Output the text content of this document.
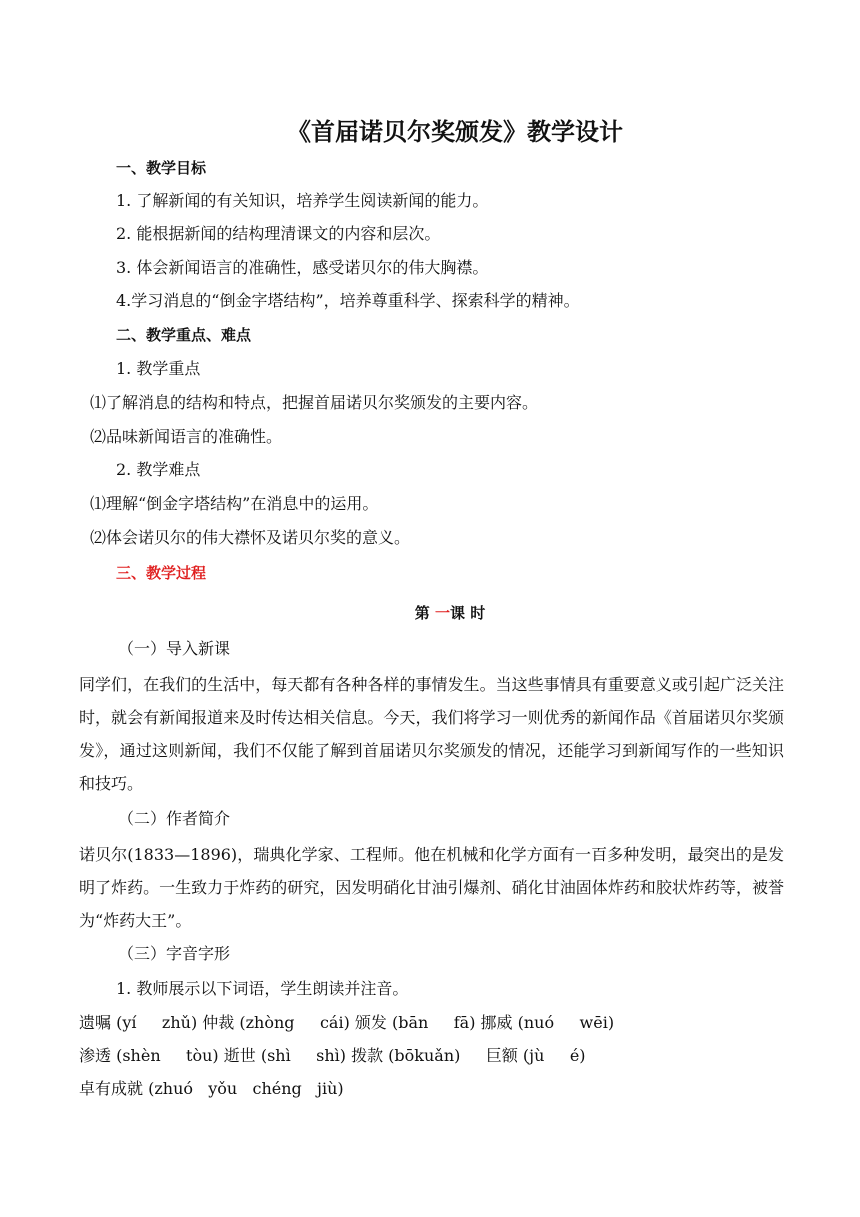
《首届诺贝尔奖颁发》教学设计
一、教学目标
1. 了解新闻的有关知识，培养学生阅读新闻的能力。
2. 能根据新闻的结构理清课文的内容和层次。
3. 体会新闻语言的准确性，感受诺贝尔的伟大胸襟。
4.学习消息的“倒金字塔结构”，培养尊重科学、探索科学的精神。
二、教学重点、难点
1. 教学重点
⑴了解消息的结构和特点，把握首届诺贝尔奖颁发的主要内容。
⑵品味新闻语言的准确性。
2. 教学难点
⑴理解“倒金字塔结构”在消息中的运用。
⑵体会诺贝尔的伟大襟怀及诺贝尔奖的意义。
三、教学过程
第 一课 时
（一）导入新课
同学们，在我们的生活中，每天都有各种各样的事情发生。当这些事情具有重要意义或引起广泛关注时，就会有新闻报道来及时传达相关信息。今天，我们将学习一则优秀的新闻作品《首届诺贝尔奖颁发》，通过这则新闻，我们不仅能了解到首届诺贝尔奖颁发的情况，还能学习到新闻写作的一些知识和技巧。
（二）作者简介
诺贝尔(1833—1896)，瑞典化学家、工程师。他在机械和化学方面有一百多种发明，最突出的是发明了炸药。一生致力于炸药的研究，因发明硝化甘油引爆剂、硝化甘油固体炸药和胶状炸药等，被誉为“炸药大王”。
（三）字音字形
1. 教师展示以下词语，学生朗读并注音。
遗嘱 (yí     zhǔ) 仲裁 (zhòng     cái) 颁发 (bān     fā) 挪威 (nuó     wēi)
渗透 (shèn     tòu) 逝世 (shì     shì) 拨款 (bōkuǎn)     巨额 (jù     é)
卓有成就 (zhuó   yǒu   chéng   jiù)
